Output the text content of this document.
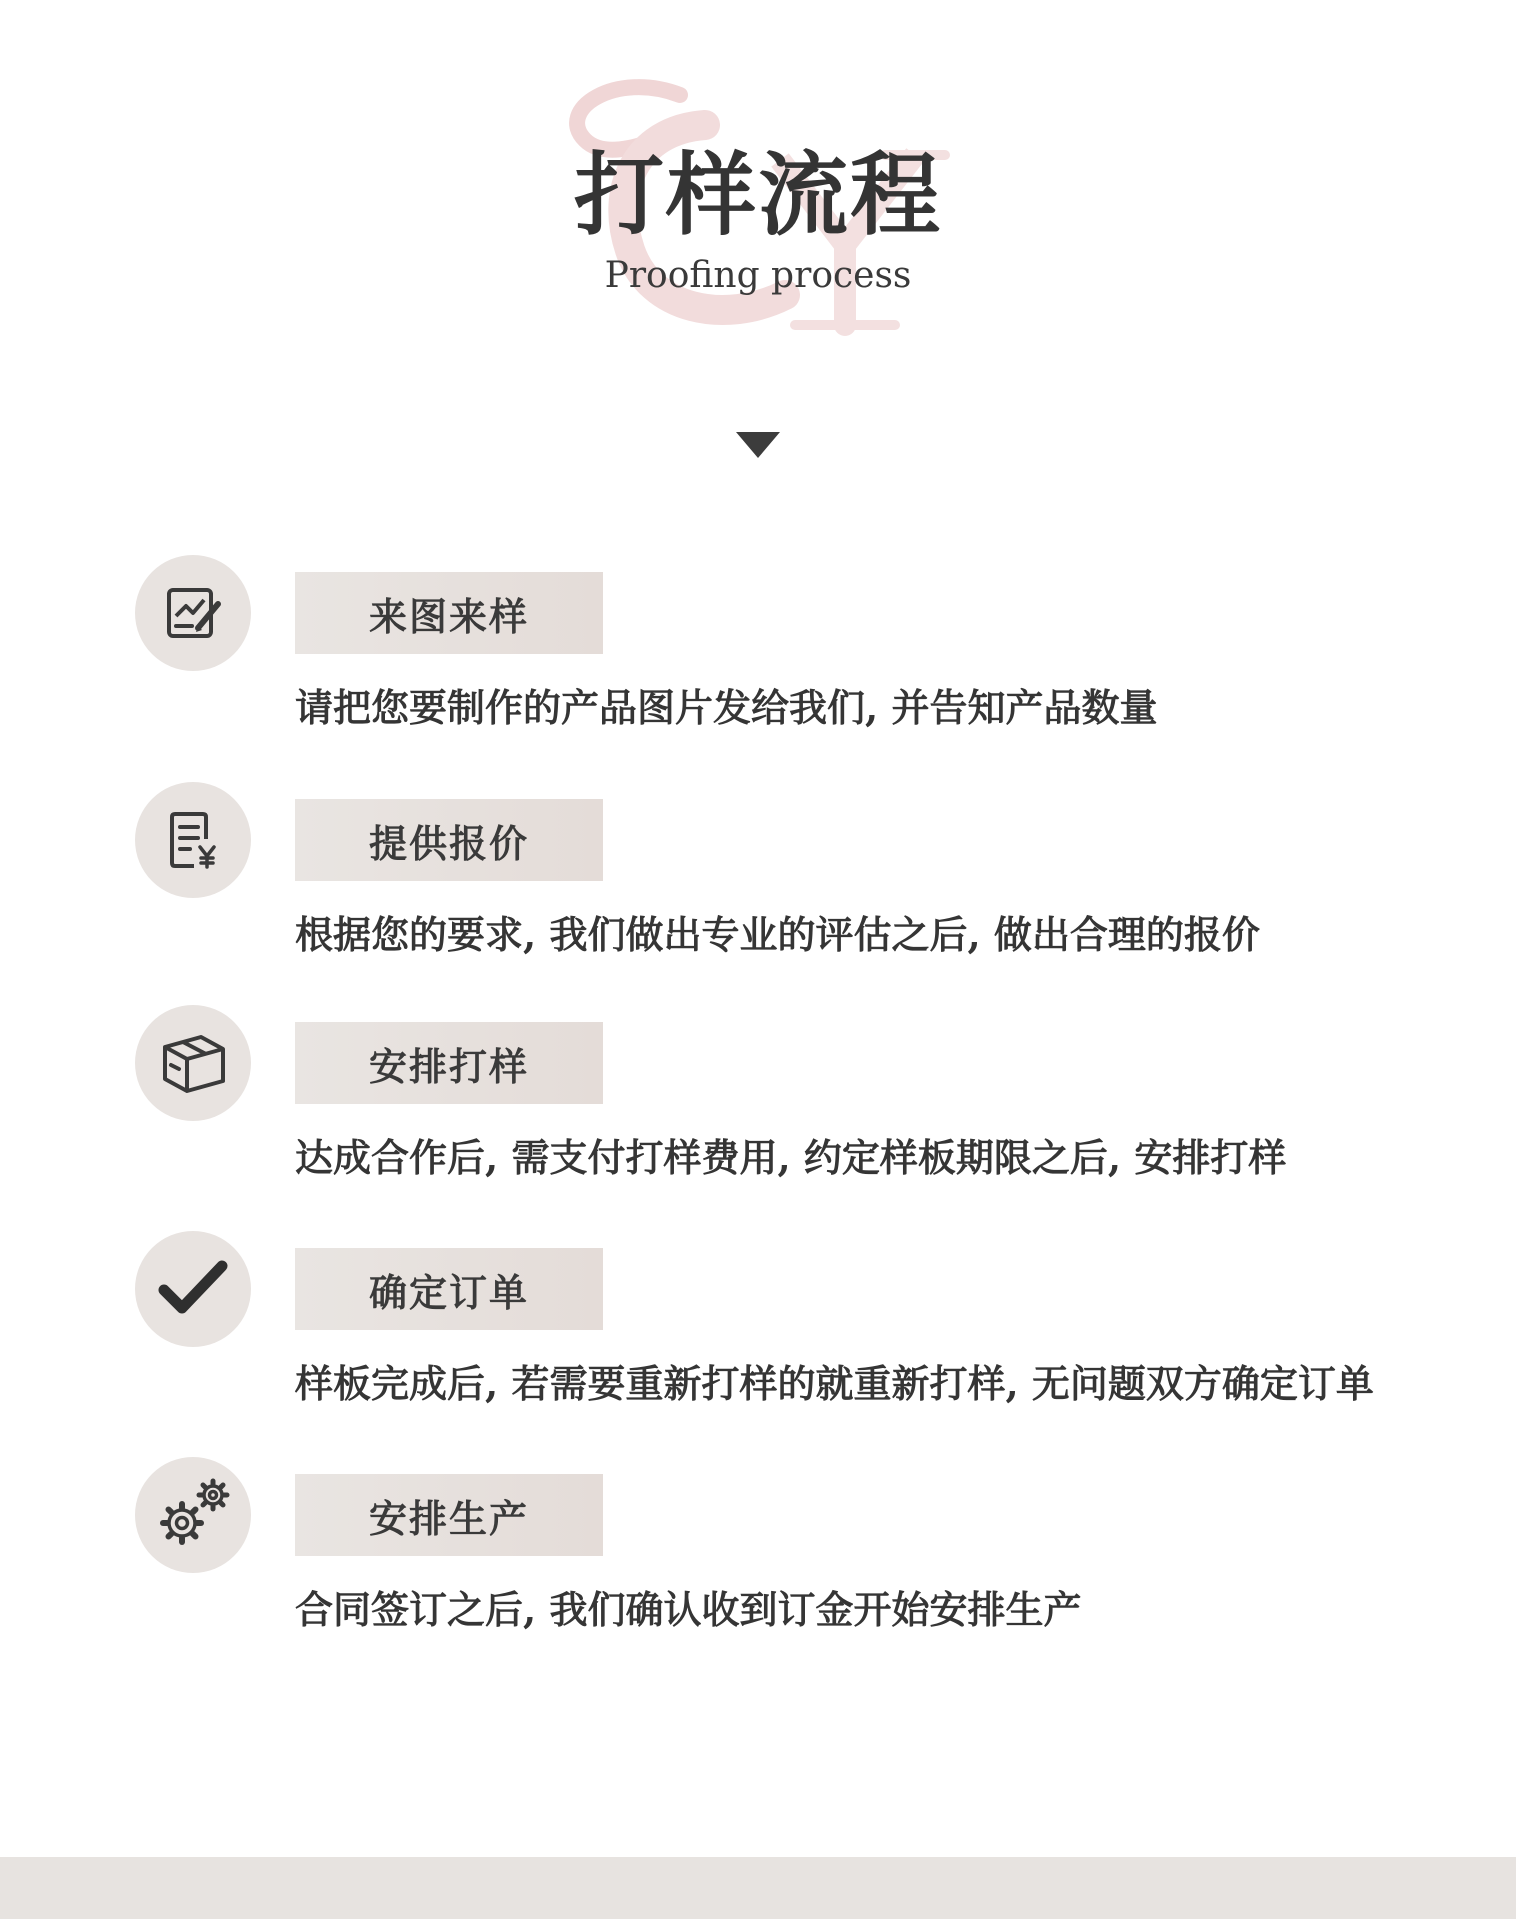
打样流程
Proofing process
来图来样
请把您要制作的产品图片发给我们, 并告知产品数量
提供报价
根据您的要求, 我们做出专业的评估之后, 做出合理的报价
安排打样
达成合作后, 需支付打样费用, 约定样板期限之后, 安排打样
确定订单
样板完成后, 若需要重新打样的就重新打样, 无问题双方确定订单
安排生产
合同签订之后, 我们确认收到订金开始安排生产
